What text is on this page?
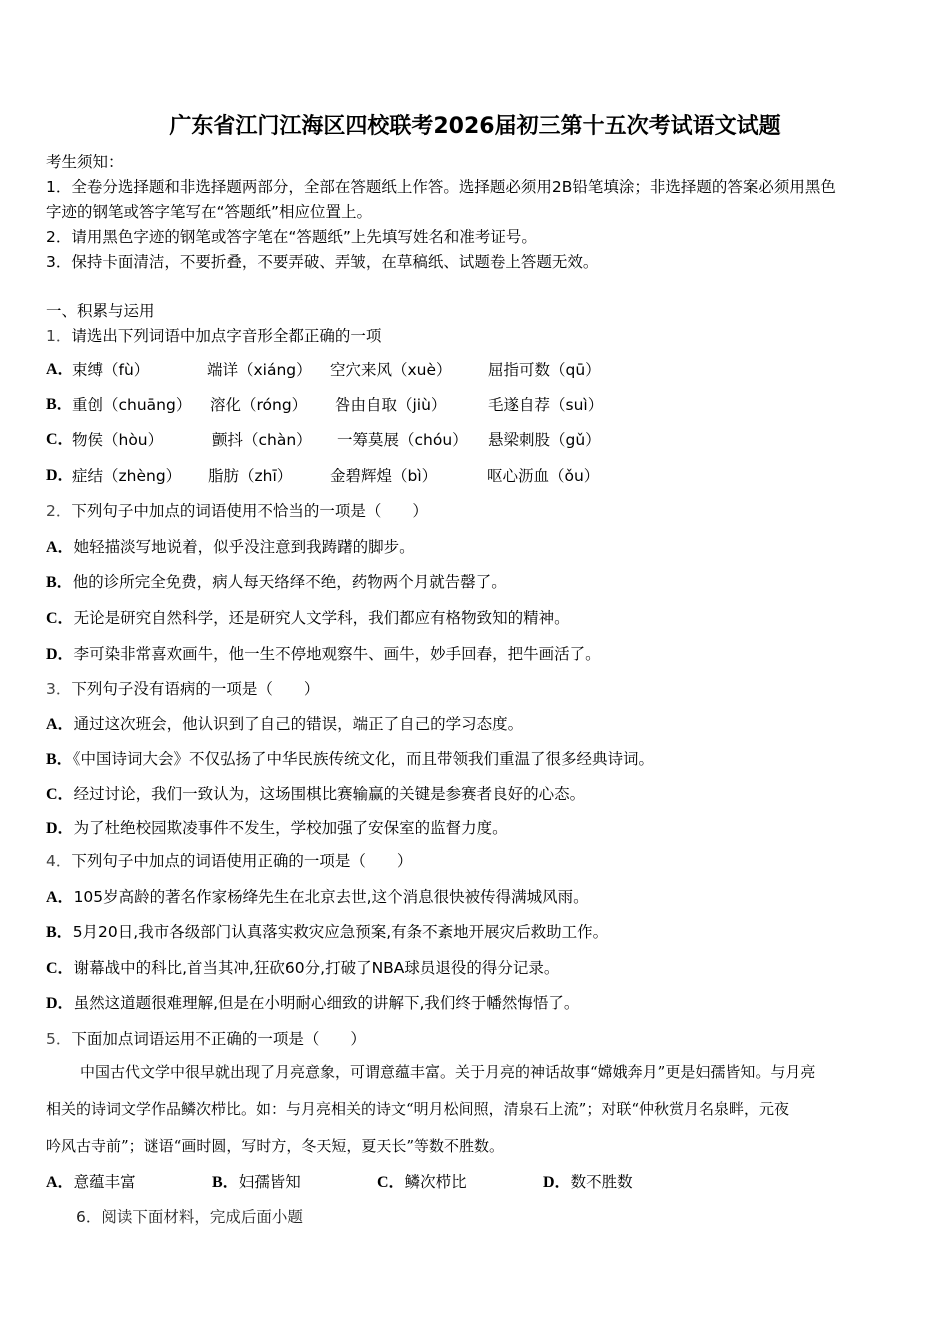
广东省江门江海区四校联考2026届初三第十五次考试语文试题
考生须知：
1．全卷分选择题和非选择题两部分，全部在答题纸上作答。选择题必须用2B铅笔填涂；非选择题的答案必须用黑色
字迹的钢笔或答字笔写在“答题纸”相应位置上。
2．请用黑色字迹的钢笔或答字笔在“答题纸”上先填写姓名和准考证号。
3．保持卡面清洁，不要折叠，不要弄破、弄皱，在草稿纸、试题卷上答题无效。
一、积累与运用
1．请选出下列词语中加点字音形全都正确的一项
A．
束缚（fù）	端详（xiáng） 空穴来风（xuè） 屈指可数（qū）
B． 重创（chuāng） 溶化（róng） 咎由自取（jiù）	毛遂自荐（suì）
C．
物侯（hòu）	颤抖（chàn） 一筹莫展（chóu） 悬梁刺股（gǔ）
D．
症结（zhèng） 脂肪（zhī） 金碧辉煌（bì）	呕心沥血（ǒu）
2．下列句子中加点的词语使用不恰当的一项是（　　）
A．她轻描淡写地说着，似乎没注意到我踌躇的脚步。
B．他的诊所完全免费，病人每天络绎不绝，药物两个月就告罄了。
C．无论是研究自然科学，还是研究人文学科，我们都应有格物致知的精神。
D．李可染非常喜欢画牛，他一生不停地观察牛、画牛，妙手回春，把牛画活了。
3．下列句子没有语病的一项是（　　）
A．通过这次班会，他认识到了自己的错误，端正了自己的学习态度。
B．《中国诗词大会》不仅弘扬了中华民族传统文化，而且带领我们重温了很多经典诗词。
C．经过讨论，我们一致认为，这场围棋比赛输赢的关键是参赛者良好的心态。
D．为了杜绝校园欺凌事件不发生，学校加强了安保室的监督力度。
4．下列句子中加点的词语使用正确的一项是（　　）
A．105岁高龄的著名作家杨绛先生在北京去世,这个消息很快被传得满城风雨。
B．5月20日,我市各级部门认真落实救灾应急预案,有条不紊地开展灾后救助工作。
C．谢幕战中的科比,首当其冲,狂砍60分,打破了NBA球员退役的得分记录。
D．虽然这道题很难理解,但是在小明耐心细致的讲解下,我们终于幡然悔悟了。
5．下面加点词语运用不正确的一项是（　　）
中国古代文学中很早就出现了月亮意象，可谓意蕴丰富。关于月亮的神话故事“嫦娥奔月”更是妇孺皆知。与月亮
相关的诗词文学作品鳞次栉比。如：与月亮相关的诗文“明月松间照，清泉石上流”；对联“仲秋赏月名泉畔，元夜
吟风古寺前”；谜语“画时圆，写时方，冬天短，夏天长”等数不胜数。
A．意蕴丰富	B．妇孺皆知	C．鳞次栉比	D．数不胜数
6．阅读下面材料，完成后面小题
